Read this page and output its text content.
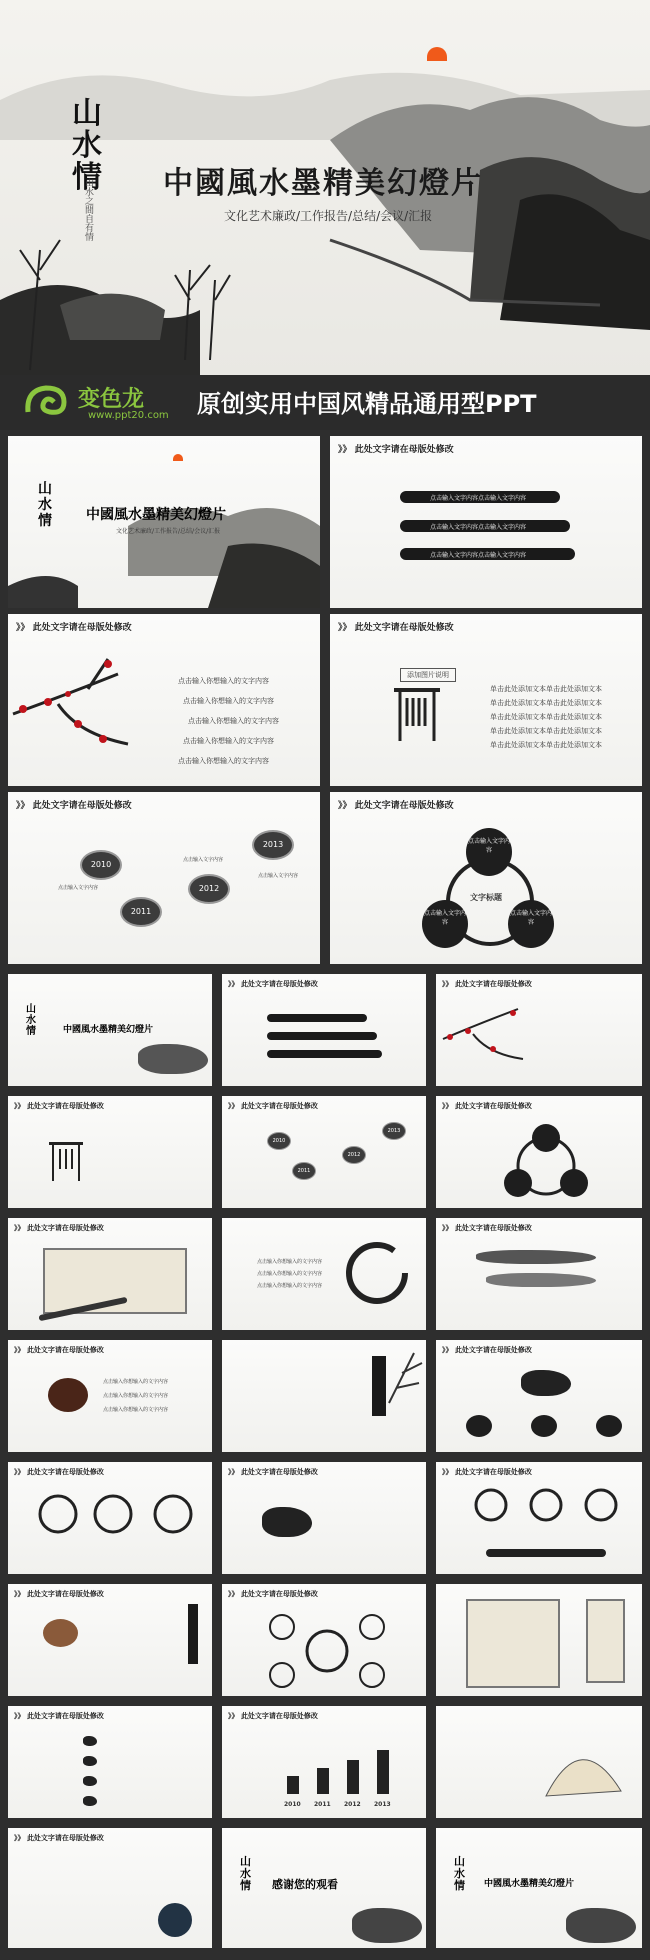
山水情
山水之間自有情 中國風水墨精美幻燈片
文化艺术廉政/工作报告/总结/会议/汇报
变色龙
www.ppt20.com 原创实用中国风精品通用型PPT
山水情	中國風水墨精美幻燈片
文化艺术廉政/工作报告/总结/会议/汇报
》》 此处文字请在母版处修改
点击输入文字内容点击输入文字内容
点击输入文字内容点击输入文字内容
点击输入文字内容点击输入文字内容
》》 此处文字请在母版处修改
点击输入你想输入的文字内容
点击输入你想输入的文字内容
点击输入你想输入的文字内容
点击输入你想输入的文字内容
点击输入你想输入的文字内容
》》 此处文字请在母版处修改
添加图片说明
单击此处添加文本单击此处添加文本
单击此处添加文本单击此处添加文本
单击此处添加文本单击此处添加文本
单击此处添加文本单击此处添加文本
单击此处添加文本单击此处添加文本
》》 此处文字请在母版处修改
2010
2011
2012
2013
点击输入文字内容
点击输入文字内容
点击输入文字内容
》》 此处文字请在母版处修改
点击输入文字内容
点击输入文字内容
点击输入文字内容
文字标题
山水情	中國風水墨精美幻燈片
》》 此处文字请在母版处修改	》》 此处文字请在母版处修改
》》 此处文字请在母版处修改	》》 此处文字请在母版处修改
2010
2011
2012
2013
》》 此处文字请在母版处修改
》》 此处文字请在母版处修改
点击输入你想输入的文字内容
点击输入你想输入的文字内容
点击输入你想输入的文字内容
》》 此处文字请在母版处修改
》》 此处文字请在母版处修改
点击输入你想输入的文字内容
点击输入你想输入的文字内容
点击输入你想输入的文字内容
》》 此处文字请在母版处修改
》》 此处文字请在母版处修改	》》 此处文字请在母版处修改	》》 此处文字请在母版处修改
》》 此处文字请在母版处修改	》》 此处文字请在母版处修改
》》 此处文字请在母版处修改	》》 此处文字请在母版处修改
2010 2011 2012 2013
》》 此处文字请在母版处修改
山水情	感谢您的观看
山水情	中國風水墨精美幻燈片
